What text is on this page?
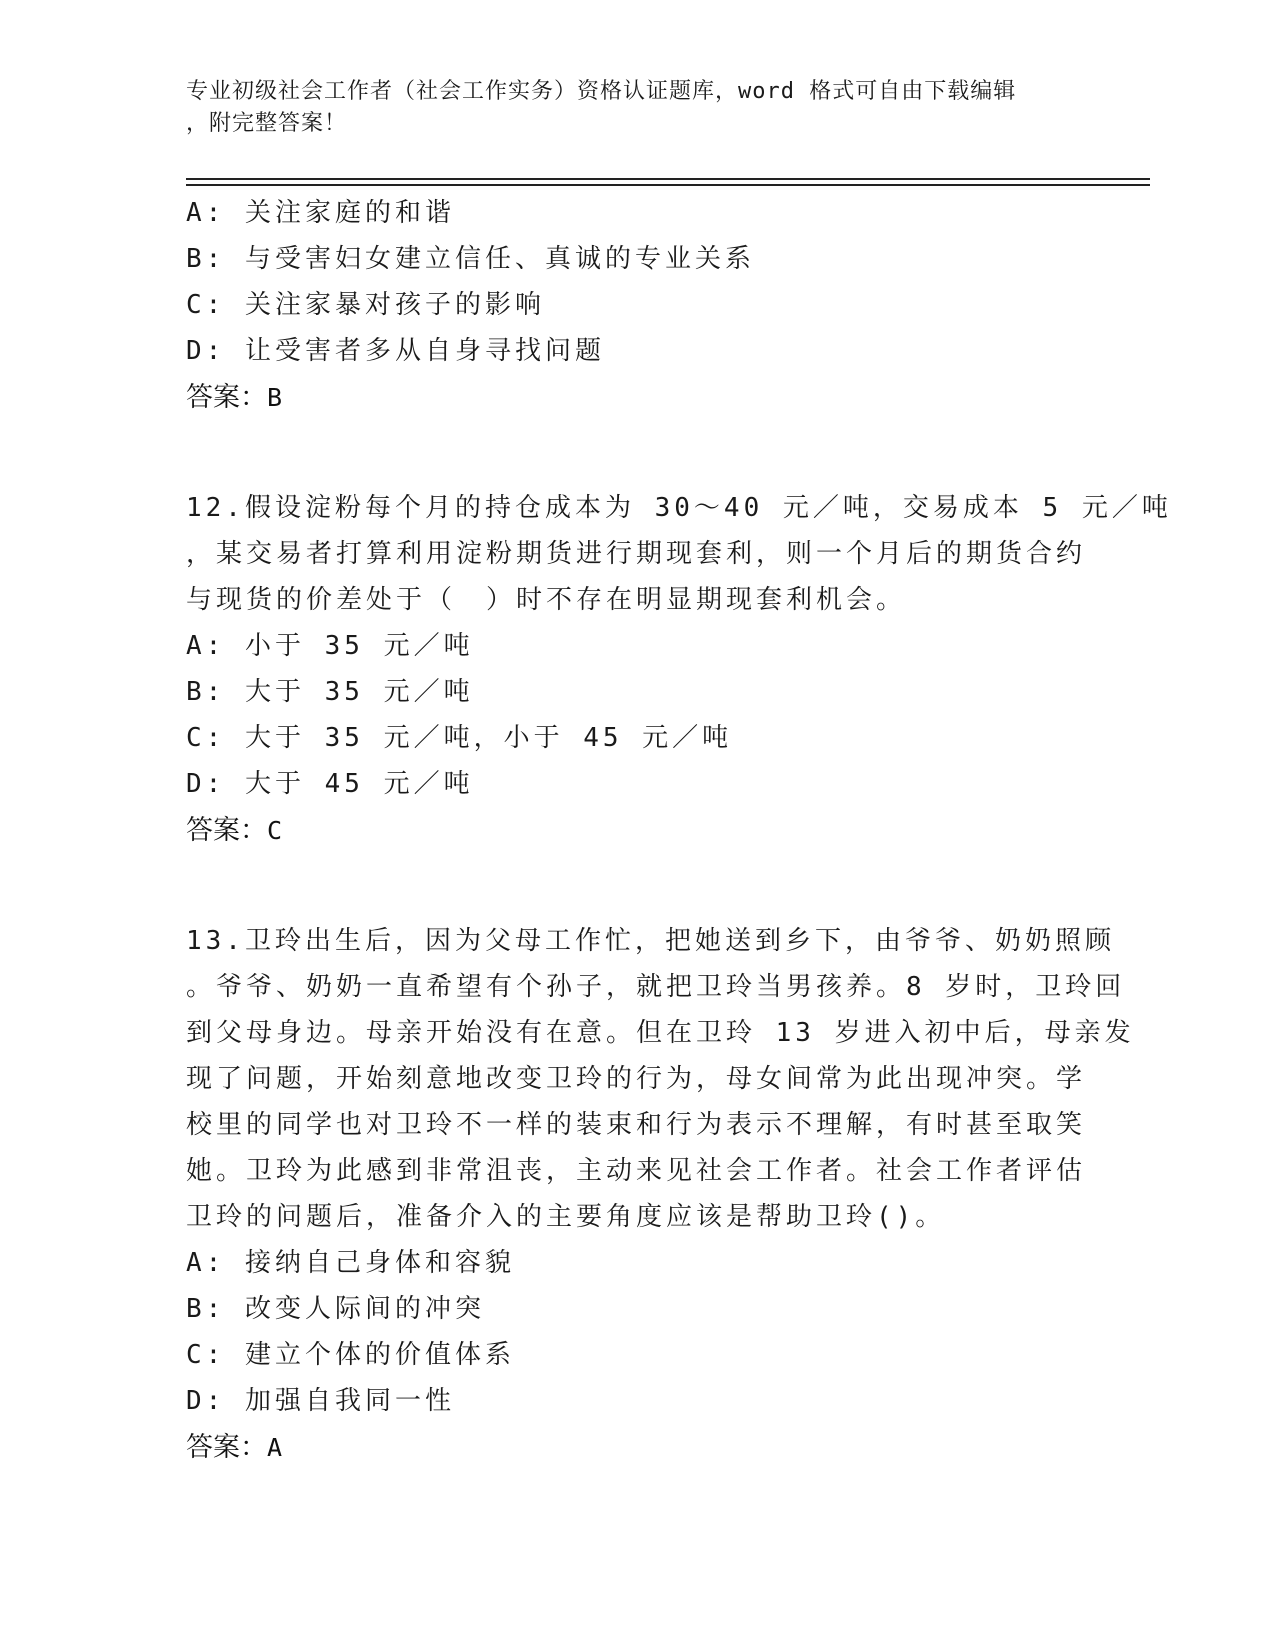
专业初级社会工作者（社会工作实务）资格认证题库，word 格式可自由下载编辑
，附完整答案！
A: 关注家庭的和谐
B: 与受害妇女建立信任、真诚的专业关系
C: 关注家暴对孩子的影响
D: 让受害者多从自身寻找问题
答案：B
12.假设淀粉每个月的持仓成本为 30～40 元／吨，交易成本 5 元／吨
，某交易者打算利用淀粉期货进行期现套利，则一个月后的期货合约
与现货的价差处于（　）时不存在明显期现套利机会。
A: 小于 35 元／吨
B: 大于 35 元／吨
C: 大于 35 元／吨，小于 45 元／吨
D: 大于 45 元／吨
答案：C
13.卫玲出生后，因为父母工作忙，把她送到乡下，由爷爷、奶奶照顾
。爷爷、奶奶一直希望有个孙子，就把卫玲当男孩养。8 岁时，卫玲回
到父母身边。母亲开始没有在意。但在卫玲 13 岁进入初中后，母亲发
现了问题，开始刻意地改变卫玲的行为，母女间常为此出现冲突。学
校里的同学也对卫玲不一样的装束和行为表示不理解，有时甚至取笑
她。卫玲为此感到非常沮丧，主动来见社会工作者。社会工作者评估
卫玲的问题后，准备介入的主要角度应该是帮助卫玲()。
A: 接纳自己身体和容貌
B: 改变人际间的冲突
C: 建立个体的价值体系
D: 加强自我同一性
答案：A
